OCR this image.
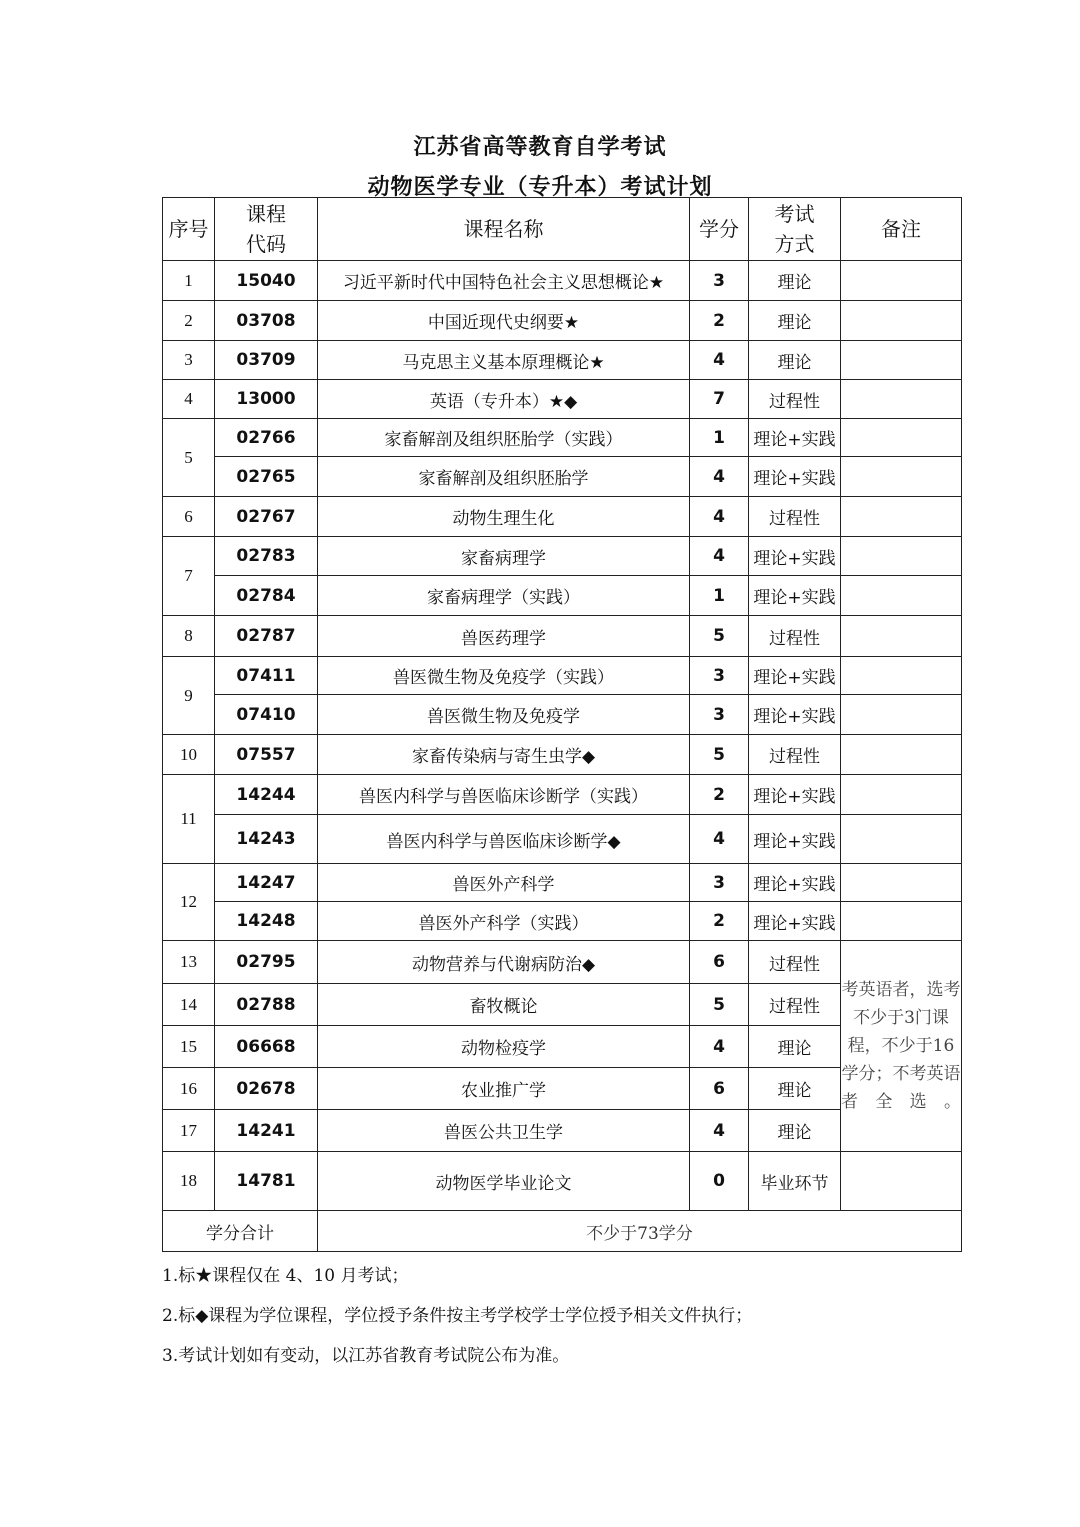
江苏省高等教育自学考试
动物医学专业（专升本）考试计划
序号	课程代码	课程名称	学分	考试方式	备注
1	15040	习近平新时代中国特色社会主义思想概论★	3	理论	
2	03708	中国近现代史纲要★	2	理论	
3	03709	马克思主义基本原理概论★	4	理论	
4	13000	英语（专升本）★◆	7	过程性	
5	02766	家畜解剖及组织胚胎学（实践）	1	理论+实践	
	02765	家畜解剖及组织胚胎学	4	理论+实践	
6	02767	动物生理生化	4	过程性	
7	02783	家畜病理学	4	理论+实践	
	02784	家畜病理学（实践）	1	理论+实践	
8	02787	兽医药理学	5	过程性	
9	07411	兽医微生物及免疫学（实践）	3	理论+实践	
	07410	兽医微生物及免疫学	3	理论+实践	
10	07557	家畜传染病与寄生虫学◆	5	过程性	
11	14244	兽医内科学与兽医临床诊断学（实践）	2	理论+实践	
	14243	兽医内科学与兽医临床诊断学◆	4	理论+实践	
12	14247	兽医外产科学	3	理论+实践	
	14248	兽医外产科学（实践）	2	理论+实践	
13	02795	动物营养与代谢病防治◆	6	过程性	考英语者，选考不少于3门课程，不少于16学分；不考英语者全选。
14	02788	畜牧概论	5	过程性	
15	06668	动物检疫学	4	理论	
16	02678	农业推广学	6	理论	
17	14241	兽医公共卫生学	4	理论	
18	14781	动物医学毕业论文	0	毕业环节	
学分合计		不少于73学分			

1.标★课程仅在 4、10 月考试；

2.标◆课程为学位课程，学位授予条件按主考学校学士学位授予相关文件执行；

3.考试计划如有变动，以江苏省教育考试院公布为准。
